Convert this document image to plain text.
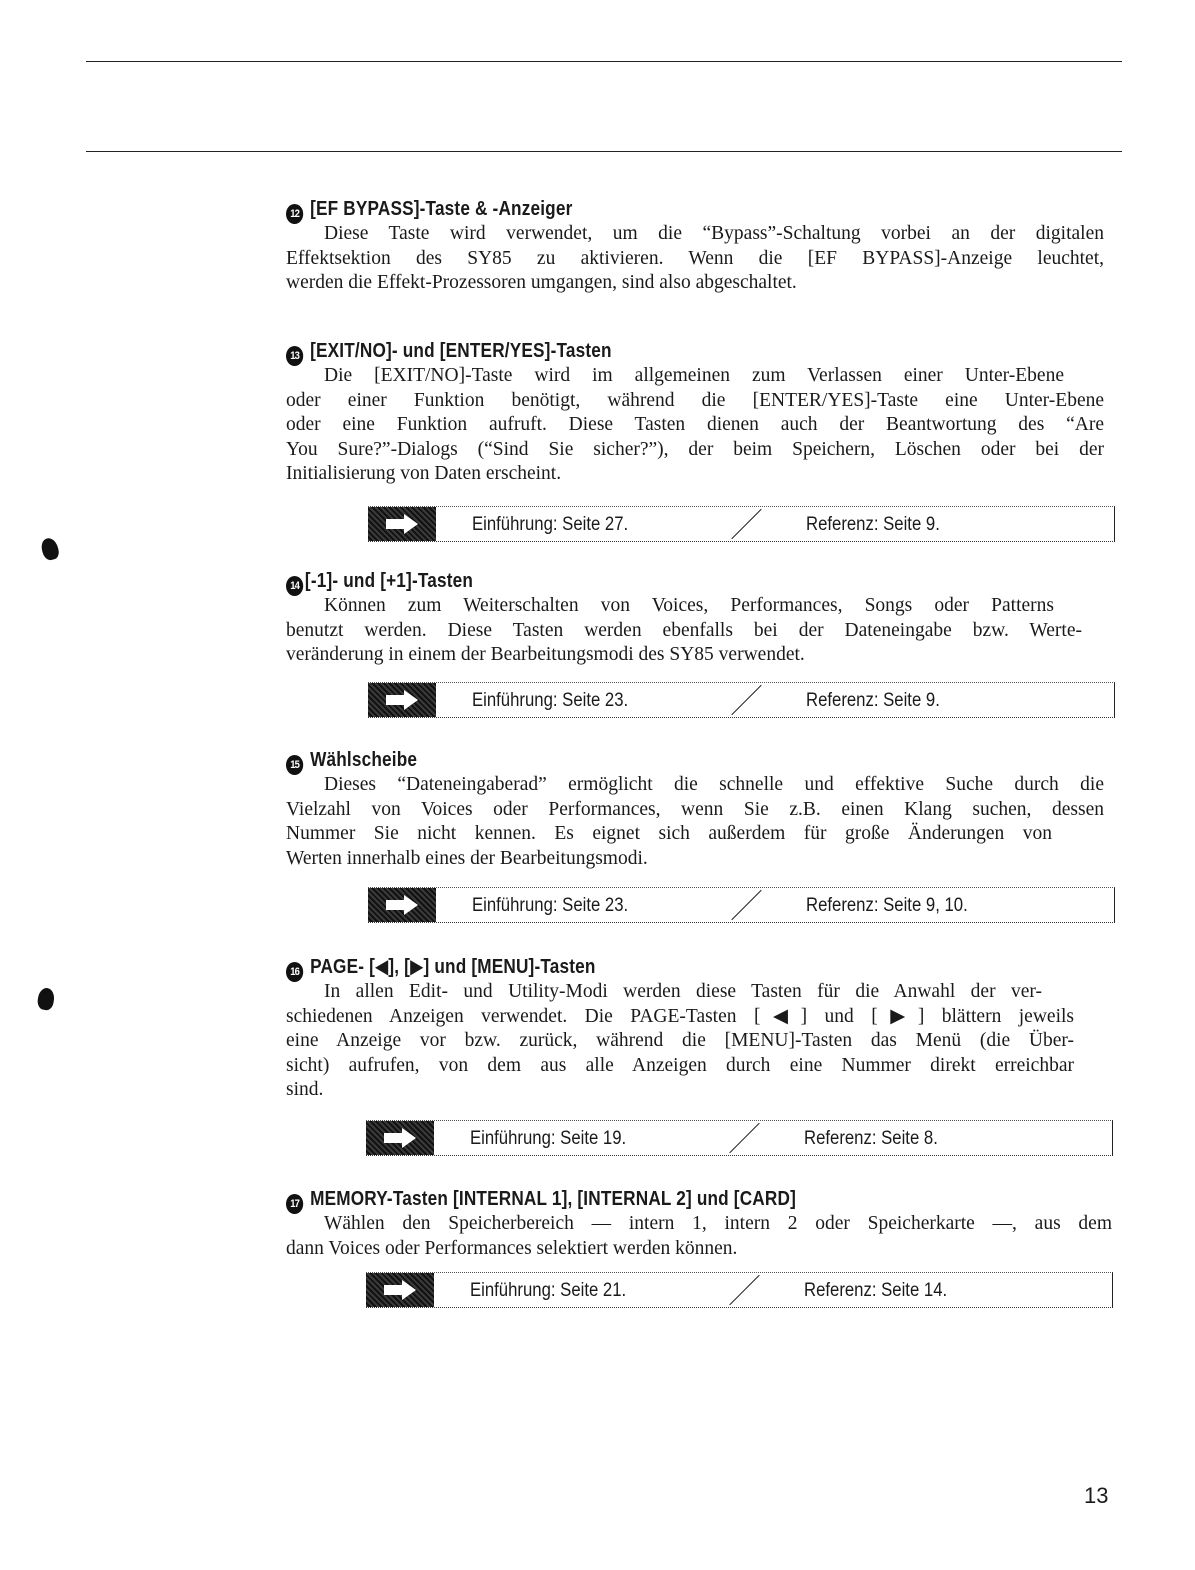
12 [EF BYPASS]-Taste & -Anzeiger
Diese Taste wird verwendet, um die “Bypass”-Schaltung vorbei an der digitalen
Effektsektion des SY85 zu aktivieren. Wenn die [EF BYPASS]-Anzeige leuchtet,
werden die Effekt-Prozessoren umgangen, sind also abgeschaltet.
13 [EXIT/NO]- und [ENTER/YES]-Tasten
Die [EXIT/NO]-Taste wird im allgemeinen zum Verlassen einer Unter-Ebene
oder einer Funktion benötigt, während die [ENTER/YES]-Taste eine Unter-Ebene
oder eine Funktion aufruft. Diese Tasten dienen auch der Beantwortung des “Are
You Sure?”-Dialogs (“Sind Sie sicher?”), der beim Speichern, Löschen oder bei der
Initialisierung von Daten erscheint.
Einführung: Seite 27.	Referenz: Seite 9.
14 [-1]- und [+1]-Tasten
Können zum Weiterschalten von Voices, Performances, Songs oder Patterns
benutzt werden. Diese Tasten werden ebenfalls bei der Dateneingabe bzw. Werte-
veränderung in einem der Bearbeitungsmodi des SY85 verwendet.
Einführung: Seite 23.	Referenz: Seite 9.
15 Wählscheibe
Dieses “Dateneingaberad” ermöglicht die schnelle und effektive Suche durch die
Vielzahl von Voices oder Performances, wenn Sie z.B. einen Klang suchen, dessen
Nummer Sie nicht kennen. Es eignet sich außerdem für große Änderungen von
Werten innerhalb eines der Bearbeitungsmodi.
Einführung: Seite 23.	Referenz: Seite 9, 10.
16 PAGE- [◀], [▶] und [MENU]-Tasten
In allen Edit- und Utility-Modi werden diese Tasten für die Anwahl der ver-
schiedenen Anzeigen verwendet. Die PAGE-Tasten [◀] und [▶] blättern jeweils
eine Anzeige vor bzw. zurück, während die [MENU]-Tasten das Menü (die Über-
sicht) aufrufen, von dem aus alle Anzeigen durch eine Nummer direkt erreichbar
sind.
Einführung: Seite 19.	Referenz: Seite 8.
17 MEMORY-Tasten [INTERNAL 1], [INTERNAL 2] und [CARD]
Wählen den Speicherbereich — intern 1, intern 2 oder Speicherkarte —, aus dem
dann Voices oder Performances selektiert werden können.
Einführung: Seite 21.	Referenz: Seite 14.
13
